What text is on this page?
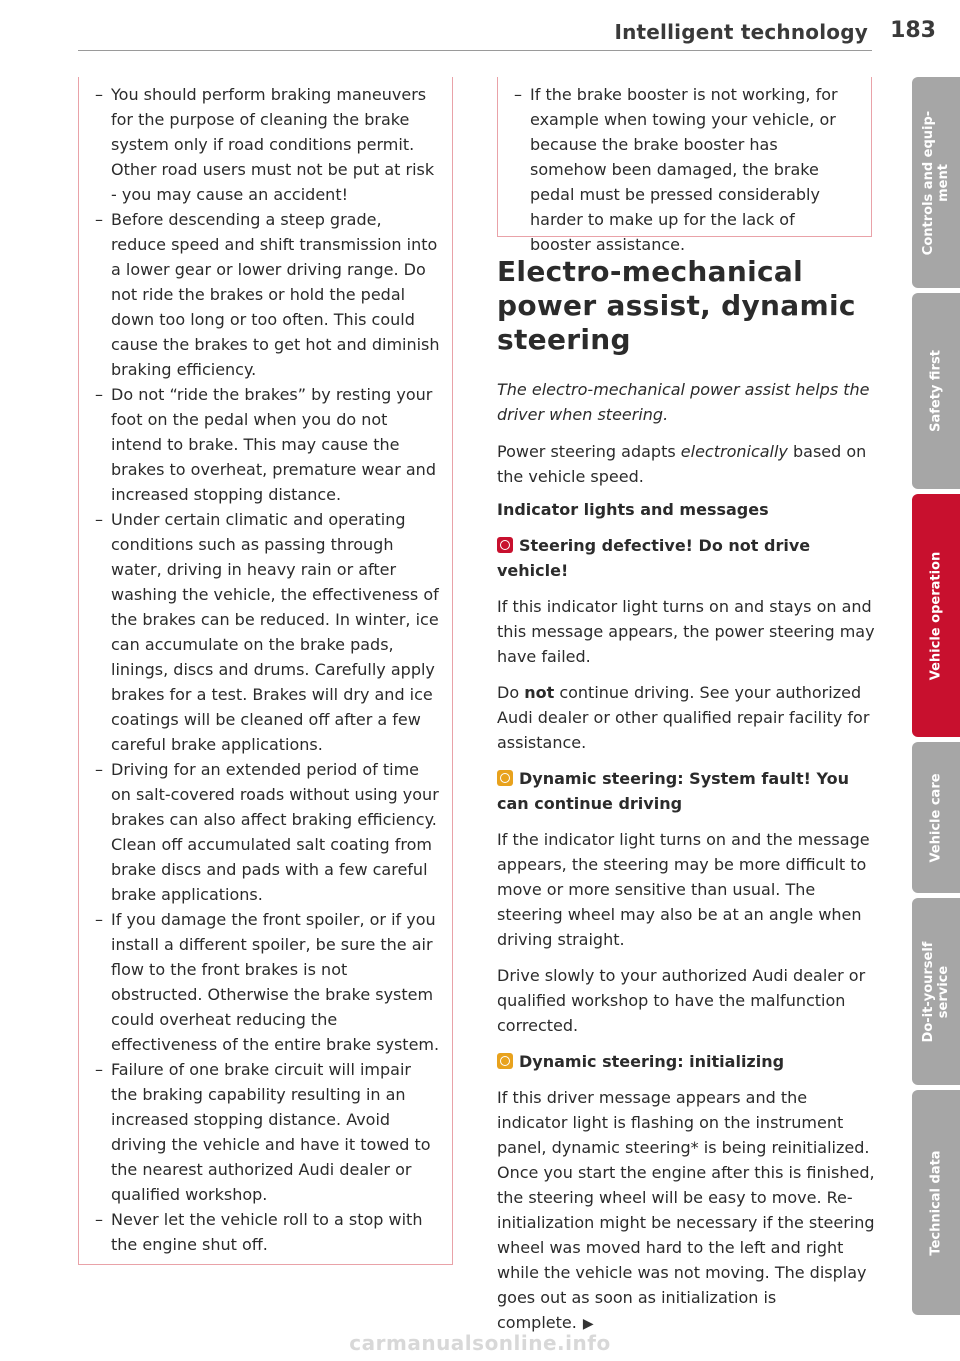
Intelligent technology 183
– You should perform braking maneuvers for the purpose of cleaning the brake system only if road conditions permit. Other road users must not be put at risk - you may cause an accident!
– Before descending a steep grade, reduce speed and shift transmission into a lower gear or lower driving range. Do not ride the brakes or hold the pedal down too long or too often. This could cause the brakes to get hot and diminish braking efficiency.
– Do not “ride the brakes” by resting your foot on the pedal when you do not intend to brake. This may cause the brakes to overheat, premature wear and increased stopping distance.
– Under certain climatic and operating conditions such as passing through water, driving in heavy rain or after washing the vehicle, the effectiveness of the brakes can be reduced. In winter, ice can accumulate on the brake pads, linings, discs and drums. Carefully apply brakes for a test. Brakes will dry and ice coatings will be cleaned off after a few careful brake applications.
– Driving for an extended period of time on salt-covered roads without using your brakes can also affect braking efficiency. Clean off accumulated salt coating from brake discs and pads with a few careful brake applications.
– If you damage the front spoiler, or if you install a different spoiler, be sure the air flow to the front brakes is not obstructed. Otherwise the brake system could overheat reducing the effectiveness of the entire brake system.
– Failure of one brake circuit will impair the braking capability resulting in an increased stopping distance. Avoid driving the vehicle and have it towed to the nearest authorized Audi dealer or qualified workshop.
– Never let the vehicle roll to a stop with the engine shut off.
– If the brake booster is not working, for example when towing your vehicle, or because the brake booster has somehow been damaged, the brake pedal must be pressed considerably harder to make up for the lack of booster assistance.
Electro-mechanical power assist, dynamic steering

The electro-mechanical power assist helps the driver when steering.

Power steering adapts electronically based on the vehicle speed.

Indicator lights and messages

Steering defective! Do not drive vehicle!

If this indicator light turns on and stays on and this message appears, the power steering may have failed.

Do not continue driving. See your authorized Audi dealer or other qualified repair facility for assistance.

Dynamic steering: System fault! You can continue driving

If the indicator light turns on and the message appears, the steering may be more difficult to move or more sensitive than usual. The steering wheel may also be at an angle when driving straight.

Drive slowly to your authorized Audi dealer or qualified workshop to have the malfunction corrected.

Dynamic steering: initializing

If this driver message appears and the indicator light is flashing on the instrument panel, dynamic steering* is being reinitialized. Once you start the engine after this is finished, the steering wheel will be easy to move. Re-initialization might be necessary if the steering wheel was moved hard to the left and right while the vehicle was not moving. The display goes out as soon as initialization is complete. ▶

Controls and equip-
ment
Safety first
Vehicle operation
Vehicle care
Do-it-yourself
service
Technical data
carmanualsonline.info
